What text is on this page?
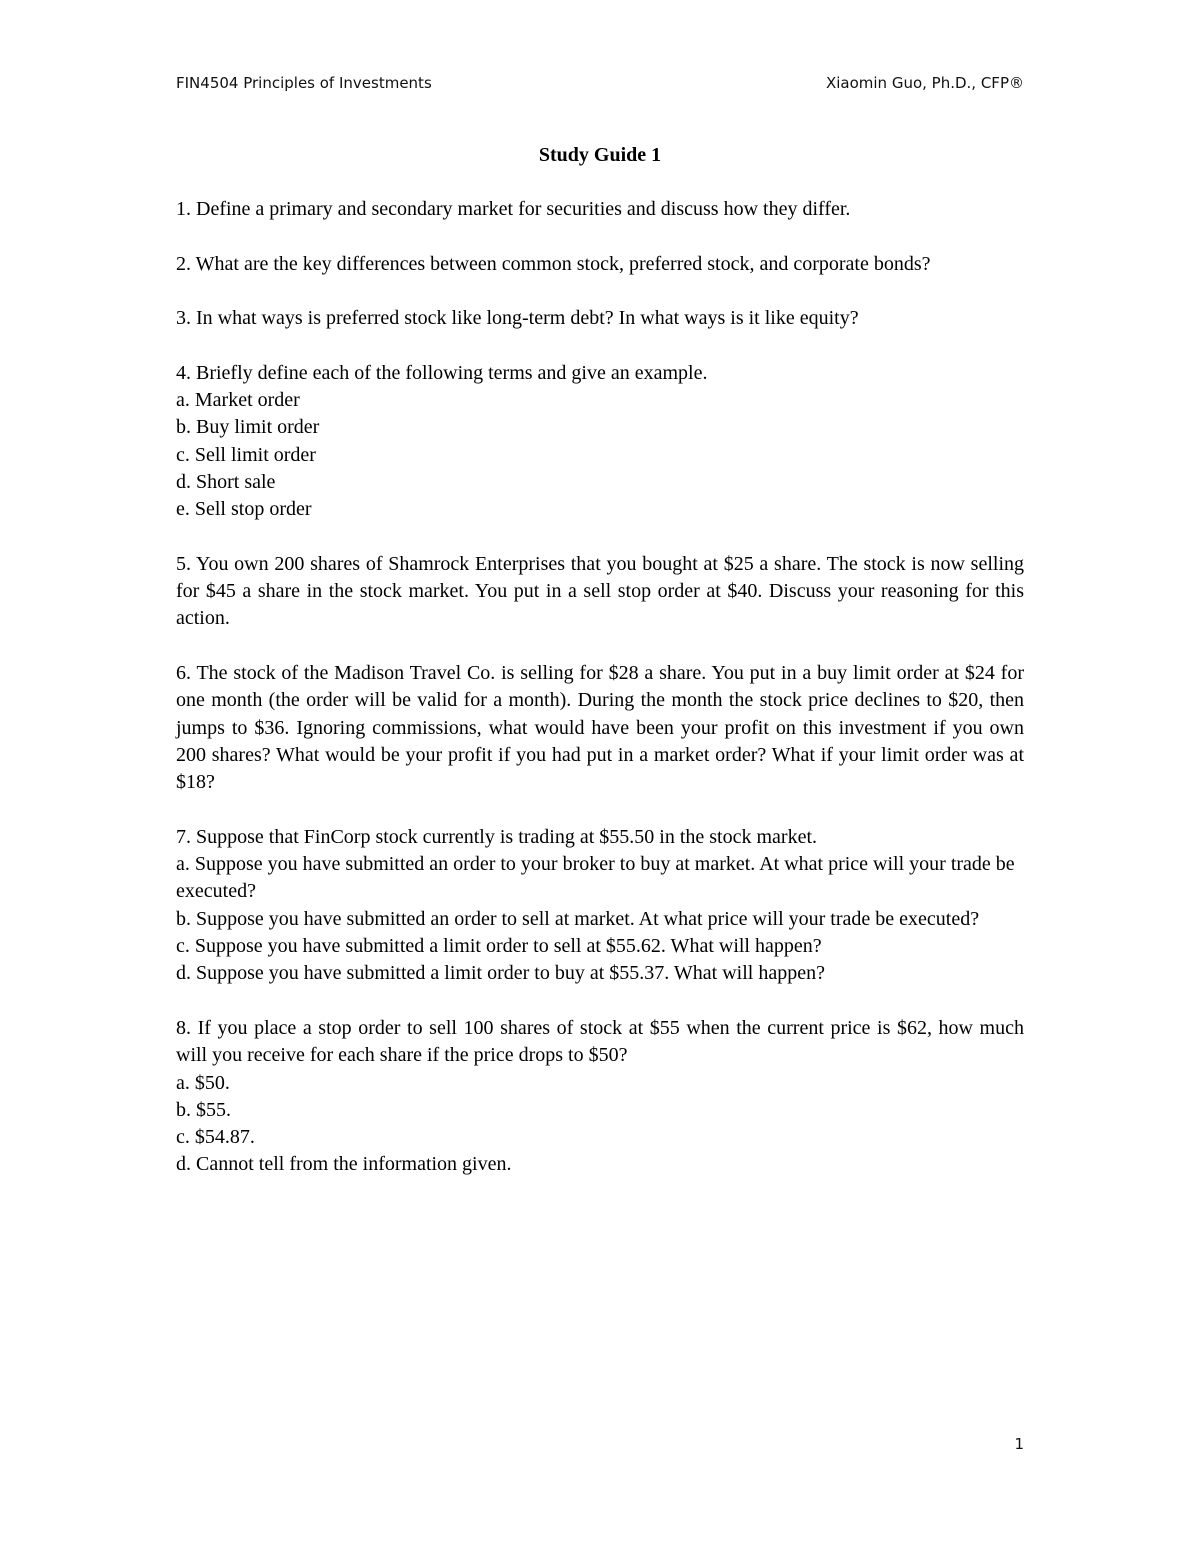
FIN4504 Principles of Investments	Xiaomin Guo, Ph.D., CFP®
Study Guide 1
1. Define a primary and secondary market for securities and discuss how they differ.
2. What are the key differences between common stock, preferred stock, and corporate bonds?
3. In what ways is preferred stock like long-term debt? In what ways is it like equity?
4. Briefly define each of the following terms and give an example.
a. Market order
b. Buy limit order
c. Sell limit order
d. Short sale
e. Sell stop order
5. You own 200 shares of Shamrock Enterprises that you bought at $25 a share. The stock is now selling for $45 a share in the stock market. You put in a sell stop order at $40. Discuss your reasoning for this action.
6. The stock of the Madison Travel Co. is selling for $28 a share. You put in a buy limit order at $24 for one month (the order will be valid for a month). During the month the stock price declines to $20, then jumps to $36. Ignoring commissions, what would have been your profit on this investment if you own 200 shares? What would be your profit if you had put in a market order? What if your limit order was at $18?
7. Suppose that FinCorp stock currently is trading at $55.50 in the stock market.
a. Suppose you have submitted an order to your broker to buy at market. At what price will your trade be executed?
b. Suppose you have submitted an order to sell at market. At what price will your trade be executed?
c. Suppose you have submitted a limit order to sell at $55.62. What will happen?
d. Suppose you have submitted a limit order to buy at $55.37. What will happen?
8. If you place a stop order to sell 100 shares of stock at $55 when the current price is $62, how much will you receive for each share if the price drops to $50?
a. $50.
b. $55.
c. $54.87.
d. Cannot tell from the information given.
1
